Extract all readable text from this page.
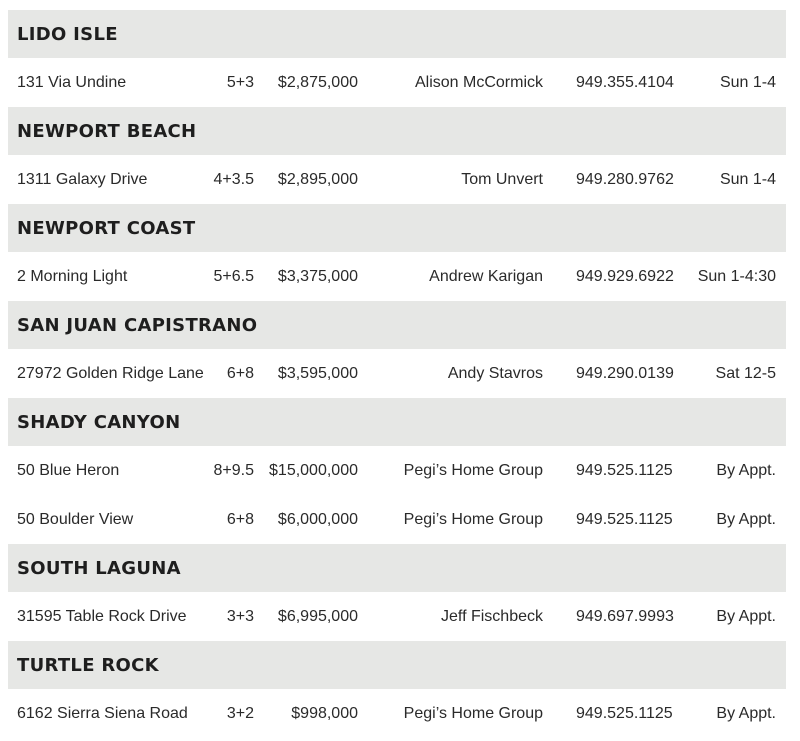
LIDO ISLE
131 Via Undine	5+3	$2,875,000	Alison McCormick 949.355.4104	Sun 1-4
NEWPORT BEACH
1311 Galaxy Drive	4+3.5	$2,895,000	Tom Unvert 949.280.9762	Sun 1-4
NEWPORT COAST
2 Morning Light	5+6.5	$3,375,000	Andrew Karigan 949.929.6922 Sun 1-4:30
SAN JUAN CAPISTRANO
27972 Golden Ridge Lane	6+8	$3,595,000	Andy Stavros 949.290.0139	Sat 12-5
SHADY CANYON
50 Blue Heron	8+9.5 $15,000,000	Pegi’s Home Group 949.525.1125	By Appt.
50 Boulder View	6+8	$6,000,000	Pegi’s Home Group 949.525.1125	By Appt.
SOUTH LAGUNA
31595 Table Rock Drive	3+3	$6,995,000	Jeff Fischbeck 949.697.9993	By Appt.
TURTLE ROCK
6162 Sierra Siena Road	3+2	$998,000	Pegi’s Home Group 949.525.1125	By Appt.
